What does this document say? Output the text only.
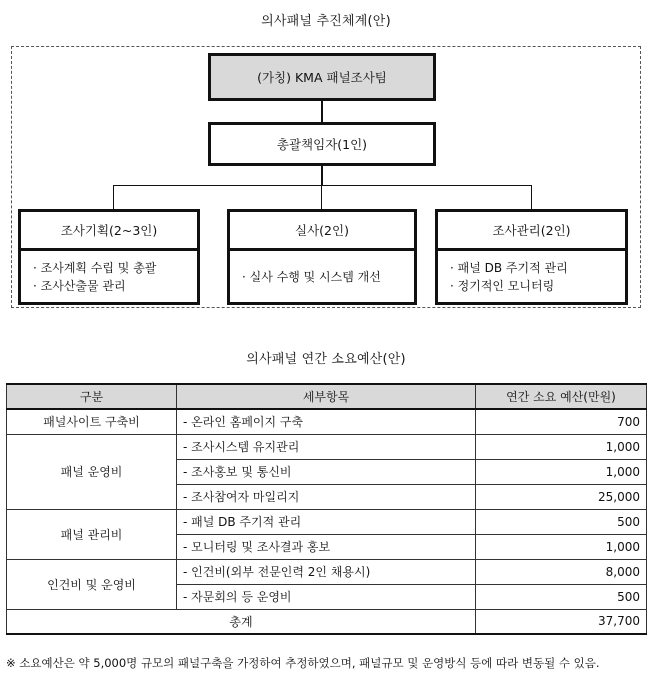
의사패널 추진체계(안)
(가칭) KMA 패널조사팀
총괄책임자(1인)
조사기획(2~3인)
· 조사계획 수립 및 총괄
· 조사산출물 관리
실사(2인)
· 실사 수행 및 시스템 개선
조사관리(2인)
· 패널 DB 주기적 관리
· 정기적인 모니터링
의사패널 연간 소요예산(안)
구분	세부항목	연간 소요 예산(만원)
패널사이트 구축비	- 온라인 홈페이지 구축	700
패널 운영비	- 조사시스템 유지관리	1,000
	- 조사홍보 및 통신비	1,000
	- 조사참여자 마일리지	25,000
패널 관리비	- 패널 DB 주기적 관리	500
	- 모니터링 및 조사결과 홍보	1,000
인건비 및 운영비	- 인건비(외부 전문인력 2인 채용시)	8,000
	- 자문회의 등 운영비	500
총계		37,700
※ 소요예산은 약 5,000명 규모의 패널구축을 가정하여 추정하였으며, 패널규모 및 운영방식 등에 따라 변동될 수 있음.
